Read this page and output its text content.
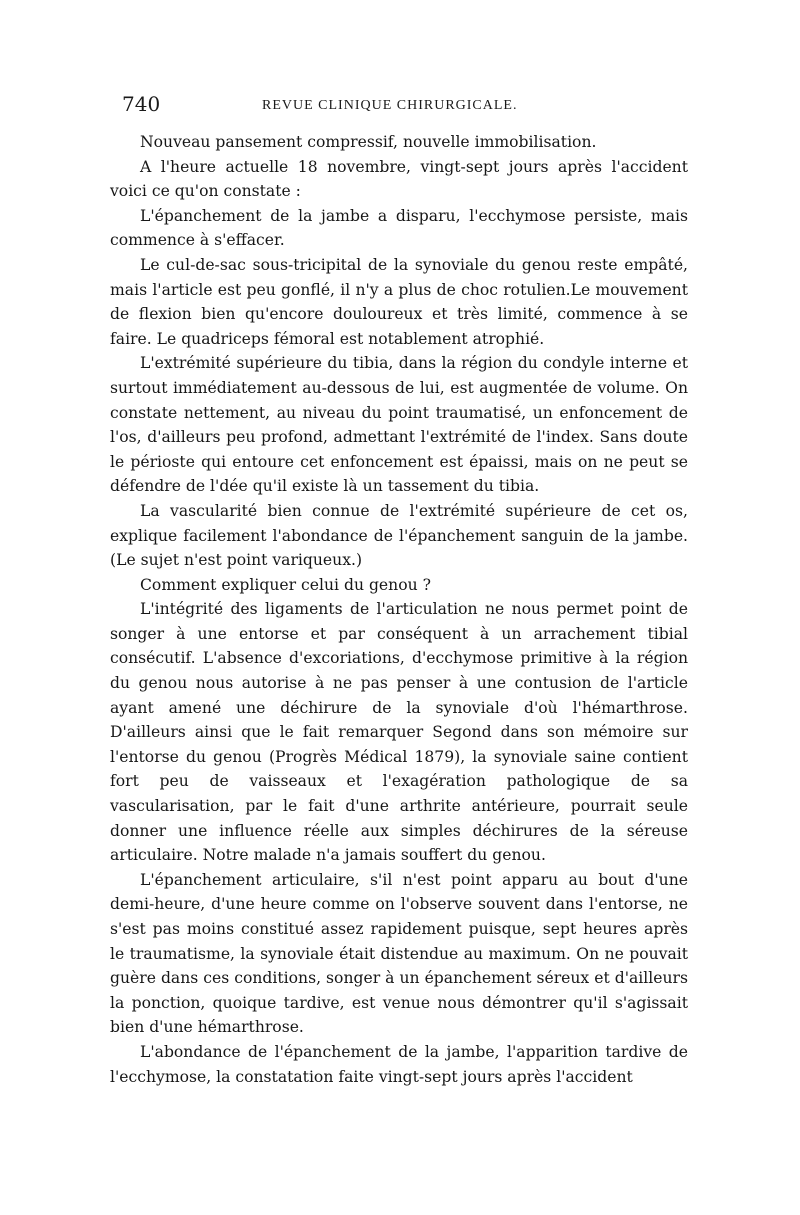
740	REVUE CLINIQUE CHIRURGICALE.

Nouveau pansement compressif, nouvelle immobilisation.

A l'heure actuelle 18 novembre, vingt-sept jours après l'accident voici ce qu'on constate :

L'épanchement de la jambe a disparu, l'ecchymose persiste, mais commence à s'effacer.

Le cul-de-sac sous-tricipital de la synoviale du genou reste empâté, mais l'article est peu gonflé, il n'y a plus de choc rotulien.Le mouvement de flexion bien qu'encore douloureux et très limité, commence à se faire. Le quadriceps fémoral est notablement atrophié.

L'extrémité supérieure du tibia, dans la région du condyle interne et surtout immédiatement au-dessous de lui, est augmentée de volume. On constate nettement, au niveau du point traumatisé, un enfoncement de l'os, d'ailleurs peu profond, admettant l'extrémité de l'index. Sans doute le périoste qui entoure cet enfoncement est épaissi, mais on ne peut se défendre de l'dée qu'il existe là un tassement du tibia.

La vascularité bien connue de l'extrémité supérieure de cet os, explique facilement l'abondance de l'épanchement sanguin de la jambe. (Le sujet n'est point variqueux.)

Comment expliquer celui du genou ?

L'intégrité des ligaments de l'articulation ne nous permet point de songer à une entorse et par conséquent à un arrachement tibial consécutif. L'absence d'excoriations, d'ecchymose primitive à la région du genou nous autorise à ne pas penser à une contusion de l'article ayant amené une déchirure de la synoviale d'où l'hémarthrose. D'ailleurs ainsi que le fait remarquer Segond dans son mémoire sur l'entorse du genou (Progrès Médical 1879), la synoviale saine contient fort peu de vaisseaux et l'exagération pathologique de sa vascularisation, par le fait d'une arthrite antérieure, pourrait seule donner une influence réelle aux simples déchirures de la séreuse articulaire. Notre malade n'a jamais souffert du genou.

L'épanchement articulaire, s'il n'est point apparu au bout d'une demi-heure, d'une heure comme on l'observe souvent dans l'entorse, ne s'est pas moins constitué assez rapidement puisque, sept heures après le traumatisme, la synoviale était distendue au maximum. On ne pouvait guère dans ces conditions, songer à un épanchement séreux et d'ailleurs la ponction, quoique tardive, est venue nous démontrer qu'il s'agissait bien d'une hémarthrose.

L'abondance de l'épanchement de la jambe, l'apparition tardive de l'ecchymose, la constatation faite vingt-sept jours après l'accident
